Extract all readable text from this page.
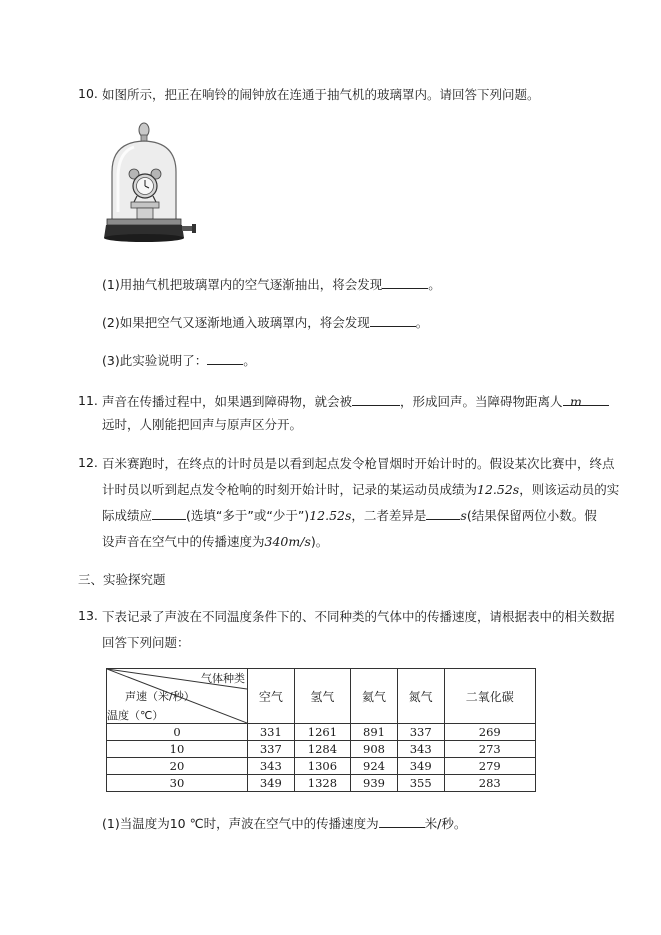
10. 如图所示，把正在响铃的闹钟放在连通于抽气机的玻璃罩内。请回答下列问题。
(1)用抽气机把玻璃罩内的空气逐渐抽出，将会发现	。
(2)如果把空气又逐渐地通入玻璃罩内，将会发现	。
(3)此实验说明了：	。
11. 声音在传播过程中，如果遇到障碍物，就会被	，形成回声。当障碍物距离人 m
远时，人刚能把回声与原声区分开。
12. 百米赛跑时，在终点的计时员是以看到起点发令枪冒烟时开始计时的。假设某次比赛中，终点
计时员以听到起点发令枪响的时刻开始计时，记录的某运动员成绩为12.52s，则该运动员的实
际成绩应	(选填“多于”或“少于”)12.52s，二者差异是	s(结果保留两位小数。假
设声音在空气中的传播速度为340m/s)。
三、实验探究题
13. 下表记录了声波在不同温度条件下的、不同种类的气体中的传播速度，请根据表中的相关数据
回答下列问题：
气体种类
声速（米/秒）
温度（℃）	空气	氢气	氦气	氮气	二氧化碳
0	331	1261	891	337	269
10	337	1284	908	343	273
20	343	1306	924	349	279
30	349	1328	939	355	283
(1)当温度为10 ℃时，声波在空气中的传播速度为	米/秒。
